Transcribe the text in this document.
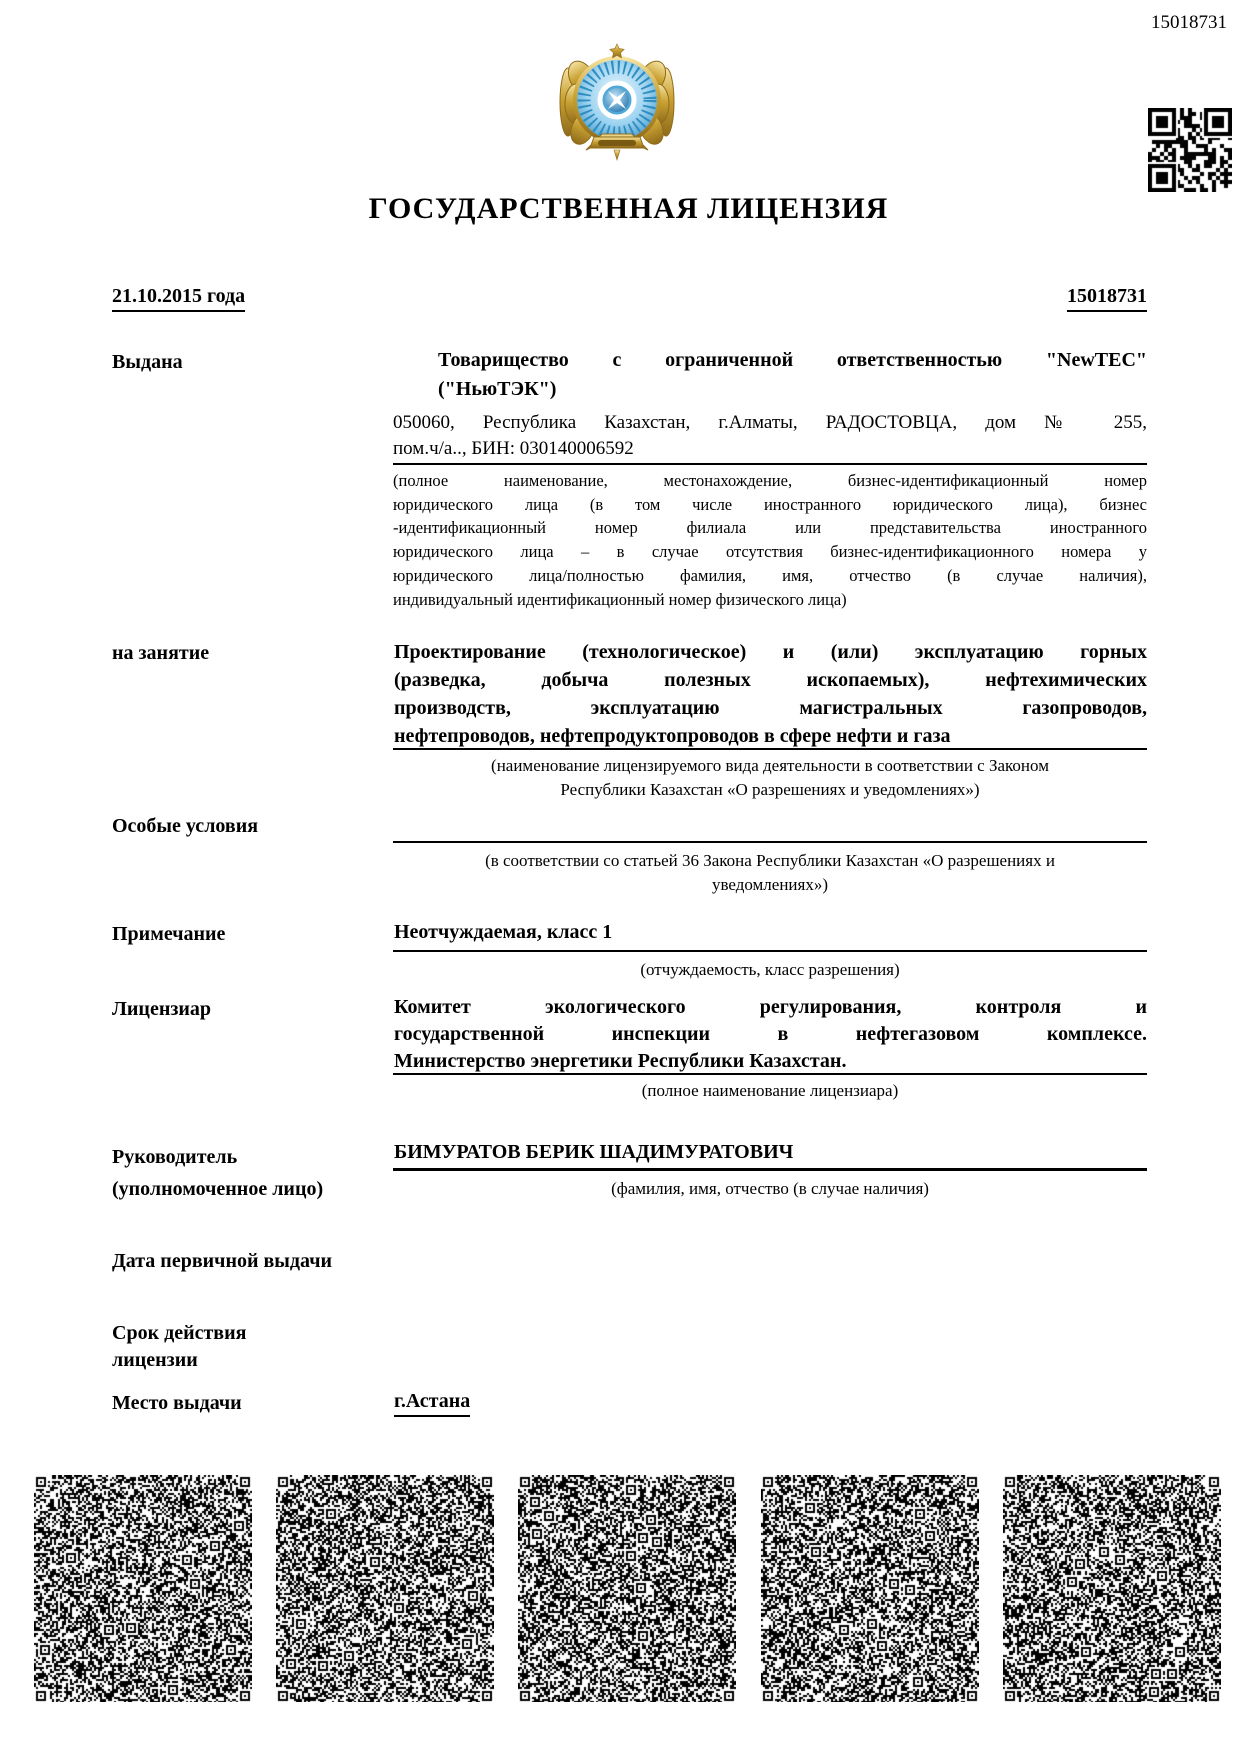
15018731
ГОСУДАРСТВЕННАЯ ЛИЦЕНЗИЯ
21.10.2015 года	15018731
Выдана	Товарищество с ограниченной ответственностью "NewTEC"
("НьюТЭК")
050060, Республика Казахстан, г.Алматы, РАДОСТОВЦА, дом № 255,
пом.ч/а.., БИН: 030140006592
(полное наименование, местонахождение, бизнес-идентификационный номер
юридического лица (в том числе иностранного юридического лица), бизнес
-идентификационный номер филиала или представительства иностранного
юридического лица – в случае отсутствия бизнес-идентификационного номера у
юридического лица/полностью фамилия, имя, отчество (в случае наличия),
индивидуальный идентификационный номер физического лица)
на занятие	Проектирование (технологическое) и (или) эксплуатацию горных
(разведка, добыча полезных ископаемых), нефтехимических
производств, эксплуатацию магистральных газопроводов,
нефтепроводов, нефтепродуктопроводов в сфере нефти и газа
(наименование лицензируемого вида деятельности в соответствии с Законом
Республики Казахстан «О разрешениях и уведомлениях»)
Особые условия
(в соответствии со статьей 36 Закона Республики Казахстан «О разрешениях и
уведомлениях»)
Примечание	Неотчуждаемая, класс 1
(отчуждаемость, класс разрешения)
Лицензиар	Комитет экологического регулирования, контроля и
государственной инспекции в нефтегазовом комплексе.
Министерство энергетики Республики Казахстан.
(полное наименование лицензиара)
Руководитель (уполномоченное лицо)
БИМУРАТОВ БЕРИК ШАДИМУРАТОВИЧ
(фамилия, имя, отчество (в случае наличия)
Дата первичной выдачи
Срок действия лицензии
Место выдачи	г.Астана
